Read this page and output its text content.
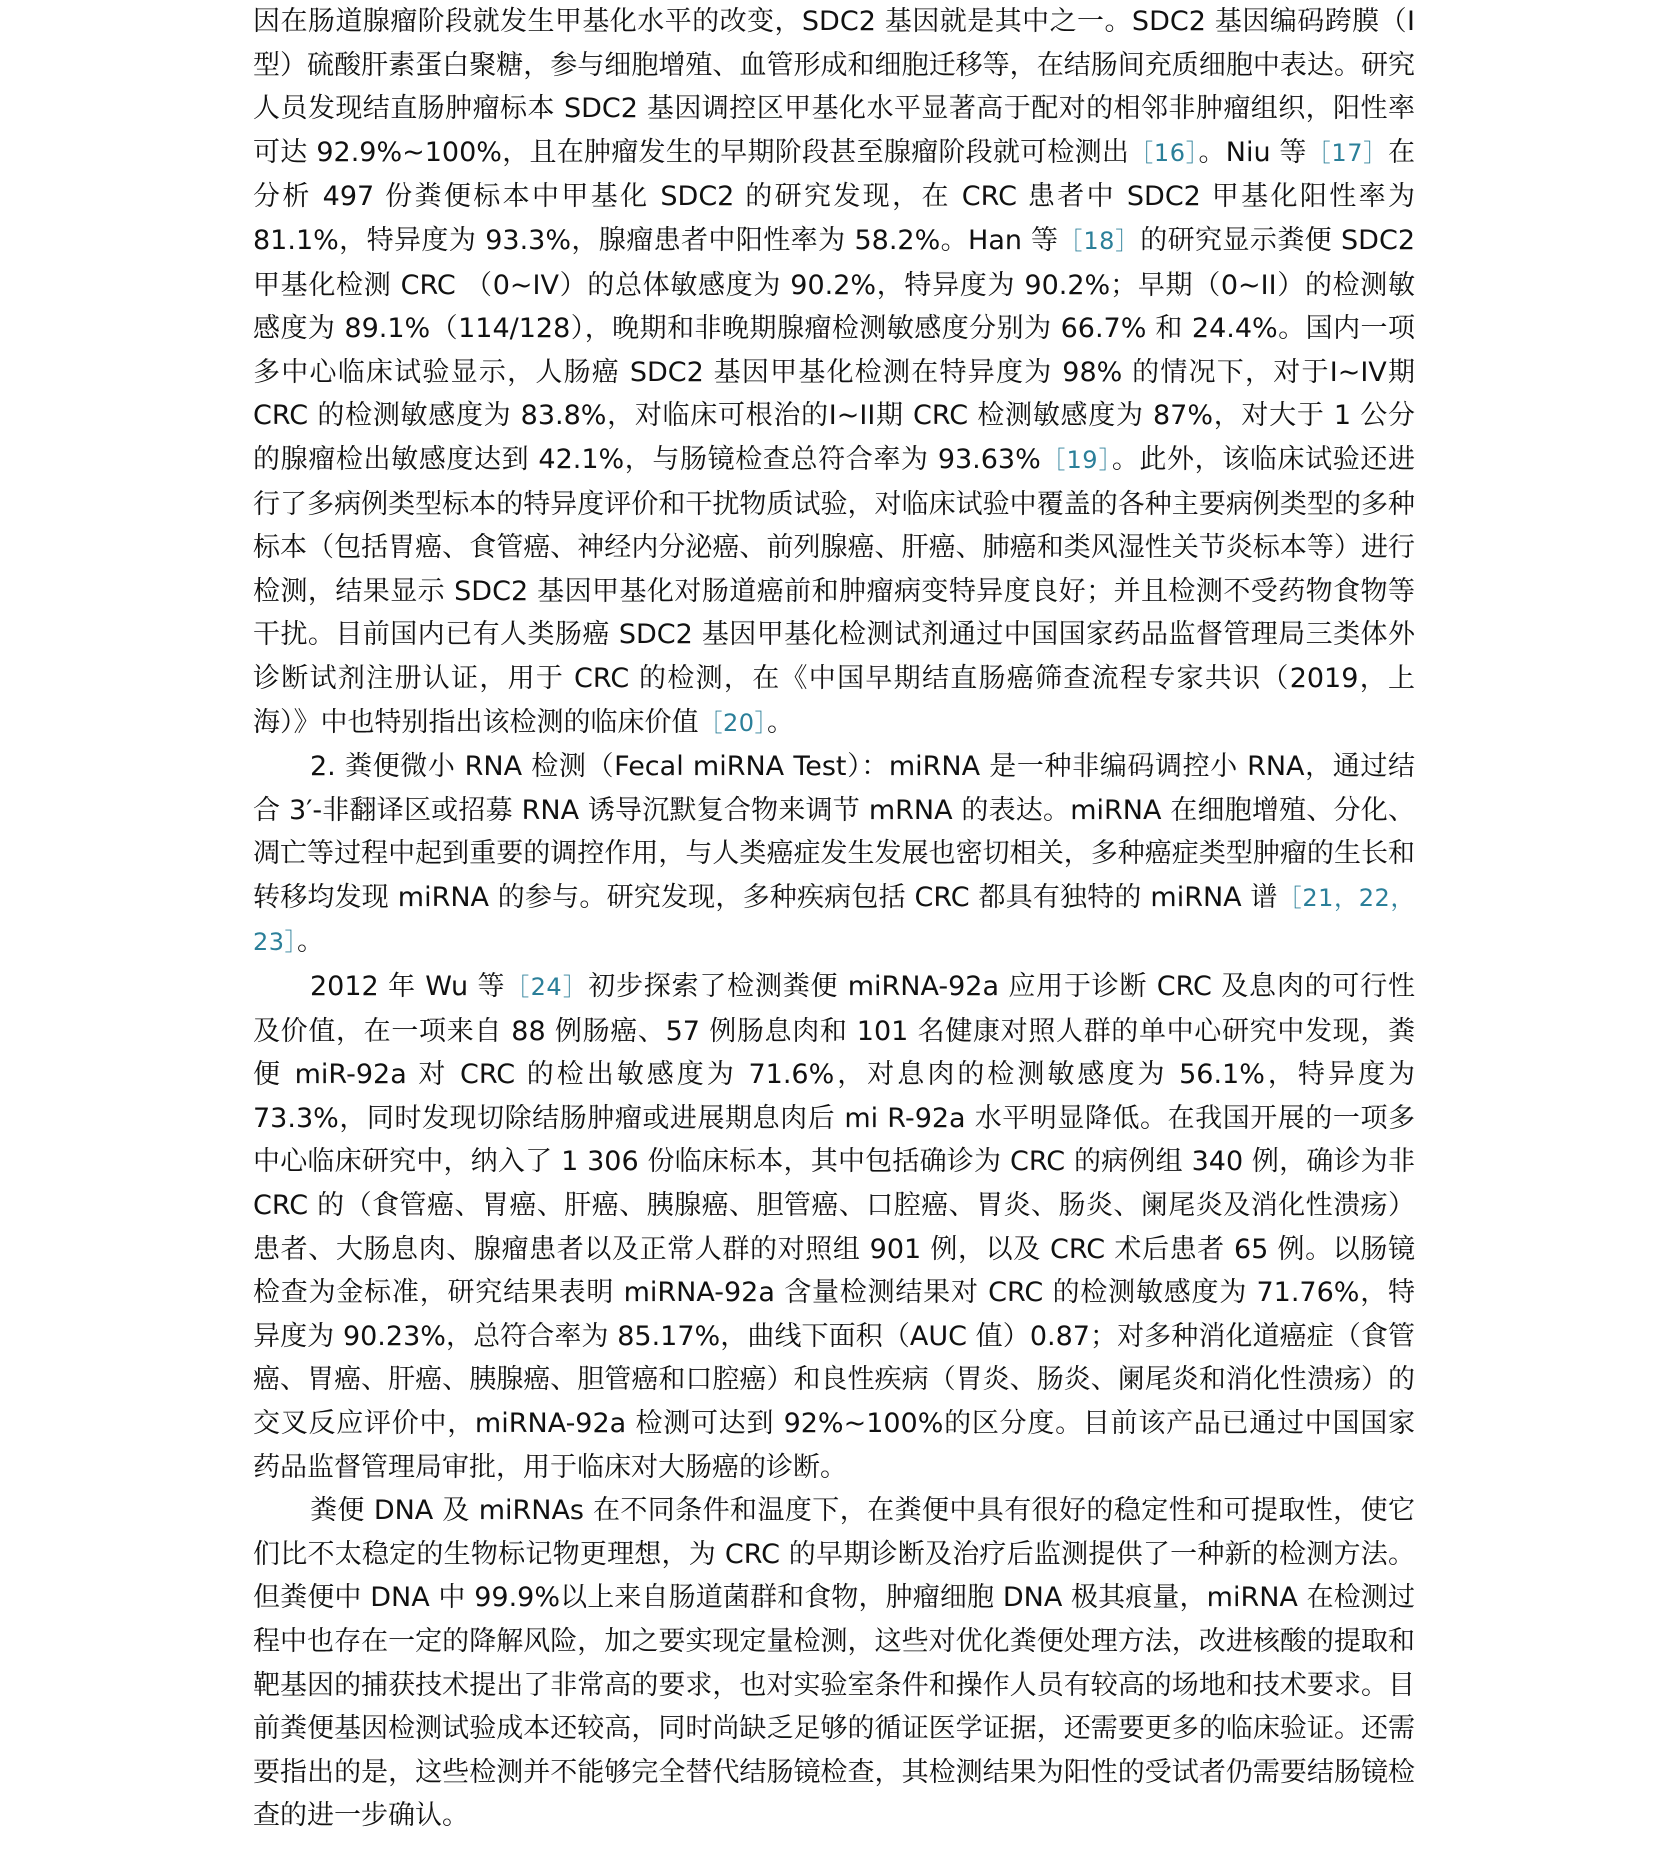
因在肠道腺瘤阶段就发生甲基化水平的改变，SDC2 基因就是其中之一。SDC2 基因编码跨膜（I型）硫酸肝素蛋白聚糖，参与细胞增殖、血管形成和细胞迁移等，在结肠间充质细胞中表达。研究人员发现结直肠肿瘤标本 SDC2 基因调控区甲基化水平显著高于配对的相邻非肿瘤组织，阳性率可达 92.9%~100%，且在肿瘤发生的早期阶段甚至腺瘤阶段就可检测出［16］。Niu 等［17］在分析 497 份粪便标本中甲基化 SDC2 的研究发现，在 CRC 患者中 SDC2 甲基化阳性率为 81.1%，特异度为 93.3%，腺瘤患者中阳性率为 58.2%。Han 等［18］的研究显示粪便 SDC2 甲基化检测 CRC （0~IV）的总体敏感度为 90.2%，特异度为 90.2%；早期（0~II）的检测敏感度为 89.1%（114/128），晚期和非晚期腺瘤检测敏感度分别为 66.7% 和 24.4%。国内一项多中心临床试验显示，人肠癌 SDC2 基因甲基化检测在特异度为 98% 的情况下，对于I~IV期 CRC 的检测敏感度为 83.8%，对临床可根治的I~II期 CRC 检测敏感度为 87%，对大于 1 公分的腺瘤检出敏感度达到 42.1%，与肠镜检查总符合率为 93.63%［19］。此外，该临床试验还进行了多病例类型标本的特异度评价和干扰物质试验，对临床试验中覆盖的各种主要病例类型的多种标本（包括胃癌、食管癌、神经内分泌癌、前列腺癌、肝癌、肺癌和类风湿性关节炎标本等）进行检测，结果显示 SDC2 基因甲基化对肠道癌前和肿瘤病变特异度良好；并且检测不受药物食物等干扰。目前国内已有人类肠癌 SDC2 基因甲基化检测试剂通过中国国家药品监督管理局三类体外诊断试剂注册认证，用于 CRC 的检测，在《中国早期结直肠癌筛查流程专家共识（2019，上海）》中也特别指出该检测的临床价值［20］。

2. 粪便微小 RNA 检测（Fecal miRNA Test）：miRNA 是一种非编码调控小 RNA，通过结合 3′-非翻译区或招募 RNA 诱导沉默复合物来调节 mRNA 的表达。miRNA 在细胞增殖、分化、凋亡等过程中起到重要的调控作用，与人类癌症发生发展也密切相关，多种癌症类型肿瘤的生长和转移均发现 miRNA 的参与。研究发现，多种疾病包括 CRC 都具有独特的 miRNA 谱［21，22，23］。

2012 年 Wu 等［24］初步探索了检测粪便 miRNA-92a 应用于诊断 CRC 及息肉的可行性及价值，在一项来自 88 例肠癌、57 例肠息肉和 101 名健康对照人群的单中心研究中发现，粪便 miR-92a 对 CRC 的检出敏感度为 71.6%，对息肉的检测敏感度为 56.1%，特异度为 73.3%，同时发现切除结肠肿瘤或进展期息肉后 mi R-92a 水平明显降低。在我国开展的一项多中心临床研究中，纳入了 1 306 份临床标本，其中包括确诊为 CRC 的病例组 340 例，确诊为非 CRC 的（食管癌、胃癌、肝癌、胰腺癌、胆管癌、口腔癌、胃炎、肠炎、阑尾炎及消化性溃疡）患者、大肠息肉、腺瘤患者以及正常人群的对照组 901 例，以及 CRC 术后患者 65 例。以肠镜检查为金标准，研究结果表明 miRNA-92a 含量检测结果对 CRC 的检测敏感度为 71.76%，特异度为 90.23%，总符合率为 85.17%，曲线下面积（AUC 值）0.87；对多种消化道癌症（食管癌、胃癌、肝癌、胰腺癌、胆管癌和口腔癌）和良性疾病（胃炎、肠炎、阑尾炎和消化性溃疡）的交叉反应评价中，miRNA-92a 检测可达到 92%~100%的区分度。目前该产品已通过中国国家药品监督管理局审批，用于临床对大肠癌的诊断。

粪便 DNA 及 miRNAs 在不同条件和温度下，在粪便中具有很好的稳定性和可提取性，使它们比不太稳定的生物标记物更理想，为 CRC 的早期诊断及治疗后监测提供了一种新的检测方法。但粪便中 DNA 中 99.9%以上来自肠道菌群和食物，肿瘤细胞 DNA 极其痕量，miRNA 在检测过程中也存在一定的降解风险，加之要实现定量检测，这些对优化粪便处理方法，改进核酸的提取和靶基因的捕获技术提出了非常高的要求，也对实验室条件和操作人员有较高的场地和技术要求。目前粪便基因检测试验成本还较高，同时尚缺乏足够的循证医学证据，还需要更多的临床验证。还需要指出的是，这些检测并不能够完全替代结肠镜检查，其检测结果为阳性的受试者仍需要结肠镜检查的进一步确认。
